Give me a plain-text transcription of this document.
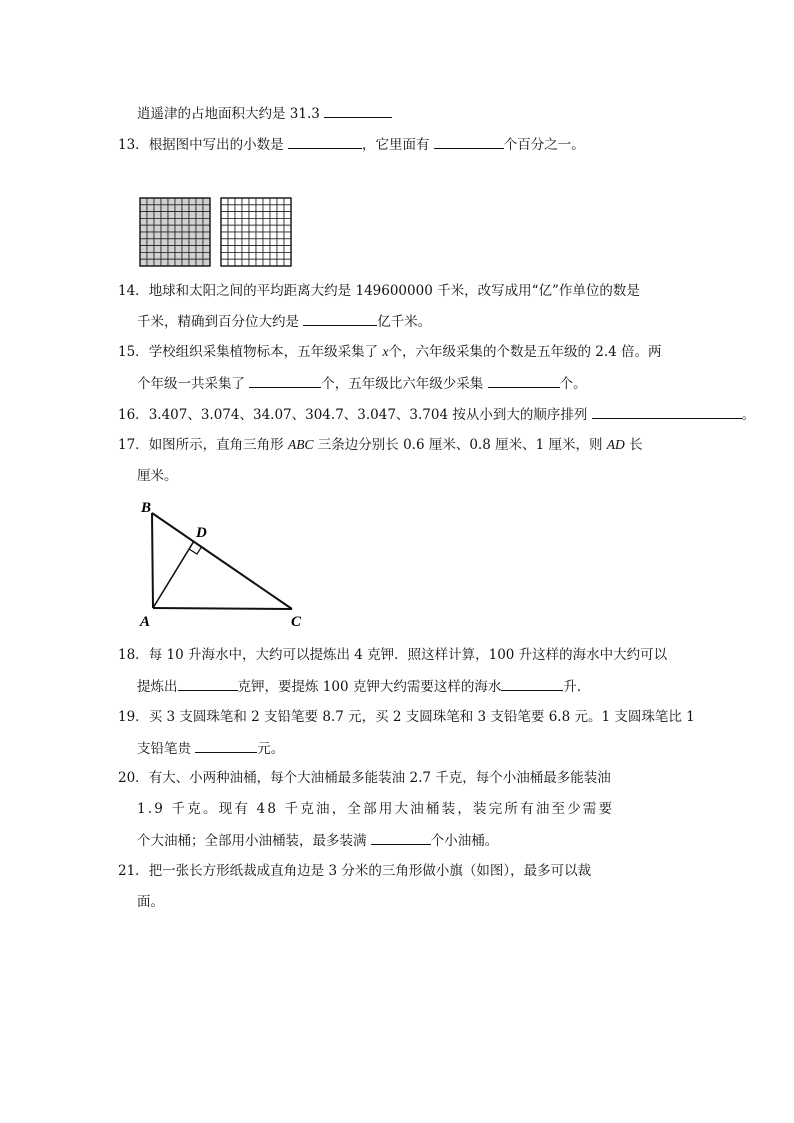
逍遥津的占地面积大约是 31.3
13．根据图中写出的小数是	，它里面有	个百分之一。
14．地球和太阳之间的平均距离大约是 149600000 千米，改写成用“亿”作单位的数是
千米，精确到百分位大约是	亿千米。
15．学校组织采集植物标本，五年级采集了 x个，六年级采集的个数是五年级的 2.4 倍。两
个年级一共采集了	个，五年级比六年级少采集	个。
16．3.407、3.074、34.07、304.7、3.047、3.704 按从小到大的顺序排列	。
17．如图所示，直角三角形 ABC 三条边分别长 0.6 厘米、0.8 厘米、1 厘米，则 AD 长
厘米。
B
D
A	C
18．每 10 升海水中，大约可以提炼出 4 克钾．照这样计算，100 升这样的海水中大约可以
提炼出	克钾，要提炼 100 克钾大约需要这样的海水	升．
19．买 3 支圆珠笔和 2 支铅笔要 8.7 元，买 2 支圆珠笔和 3 支铅笔要 6.8 元。1 支圆珠笔比 1
支铅笔贵	元。
20．有大、小两种油桶，每个大油桶最多能装油 2.7 千克，每个小油桶最多能装油
1.9 千克。现有 48 千克油，全部用大油桶装，装完所有油至少需要
个大油桶；全部用小油桶装，最多装满	个小油桶。
21．把一张长方形纸裁成直角边是 3 分米的三角形做小旗（如图），最多可以裁
面。
